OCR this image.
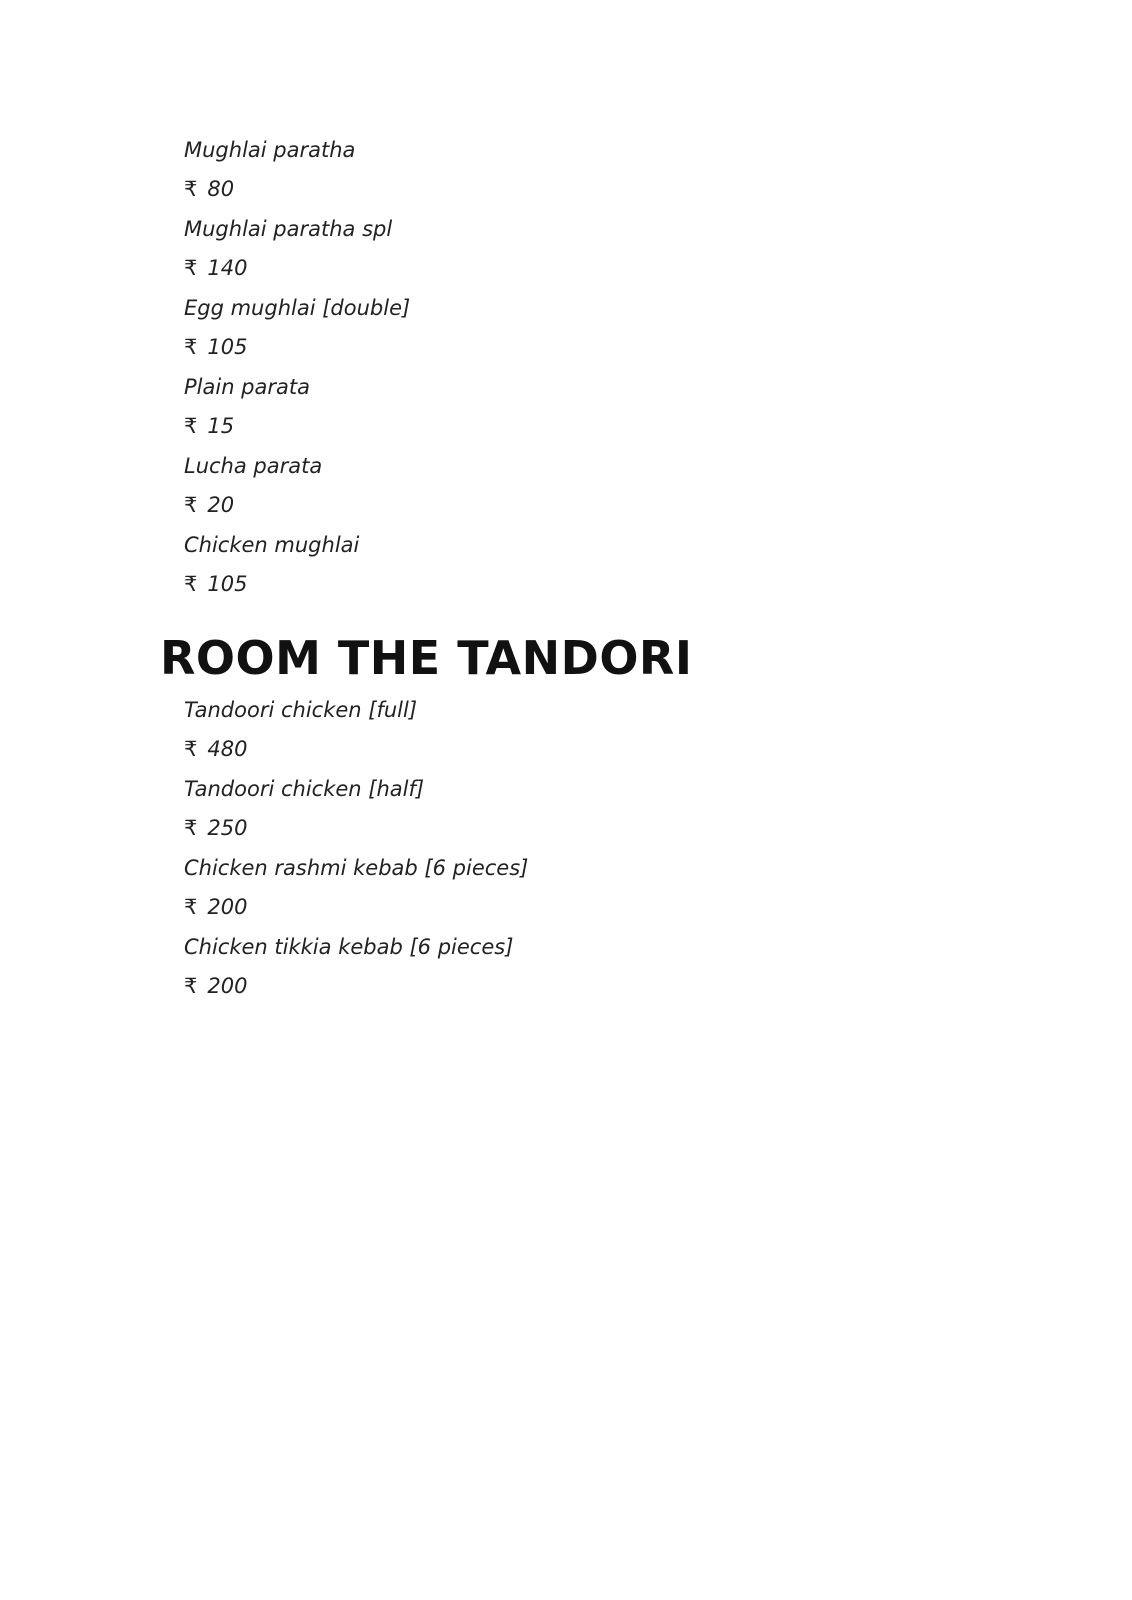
Mughlai paratha
₹ 80
Mughlai paratha spl
₹ 140
Egg mughlai [double]
₹ 105
Plain parata
₹ 15
Lucha parata
₹ 20
Chicken mughlai
₹ 105
ROOM THE TANDORI
Tandoori chicken [full]
₹ 480
Tandoori chicken [half]
₹ 250
Chicken rashmi kebab [6 pieces]
₹ 200
Chicken tikkia kebab [6 pieces]
₹ 200
